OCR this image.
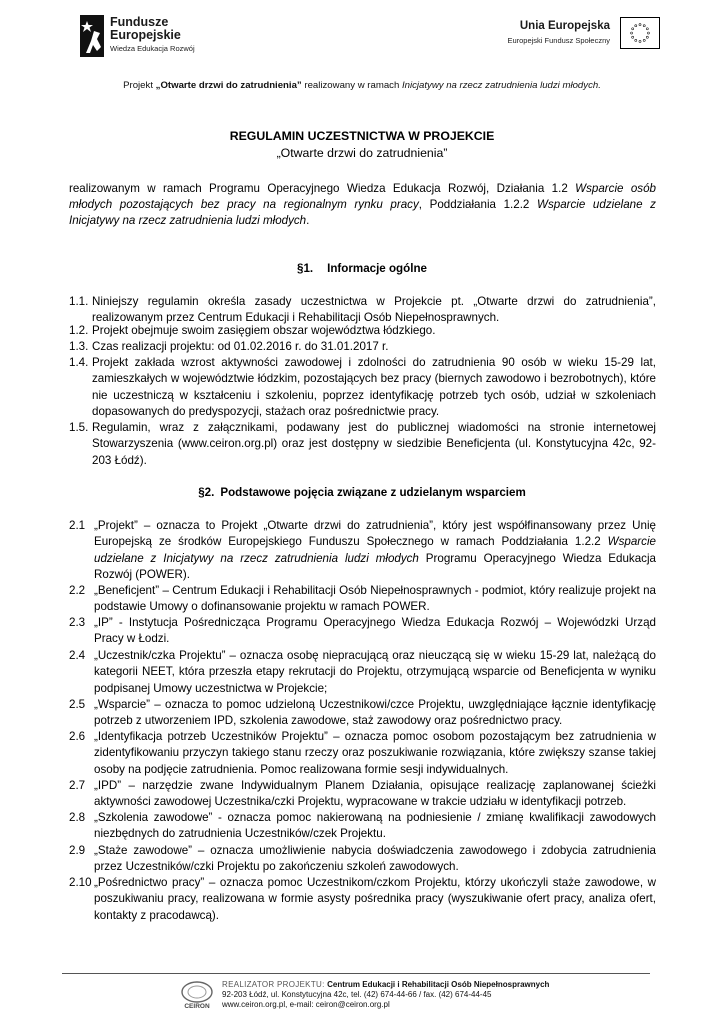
Fundusze
Europejskie
Wiedza Edukacja Rozwój
Unia Europejska
Europejski Fundusz Społeczny
Projekt „Otwarte drzwi do zatrudnienia” realizowany w ramach Inicjatywy na rzecz zatrudnienia ludzi młodych.
REGULAMIN UCZESTNICTWA W PROJEKCIE
„Otwarte drzwi do zatrudnienia”
realizowanym w ramach Programu Operacyjnego Wiedza Edukacja Rozwój, Działania 1.2 Wsparcie osób młodych pozostających bez pracy na regionalnym rynku pracy, Poddziałania 1.2.2 Wsparcie udzielane z Inicjatywy na rzecz zatrudnienia ludzi młodych.
§1. Informacje ogólne
1.1. Niniejszy regulamin określa zasady uczestnictwa w Projekcie pt. „Otwarte drzwi do zatrudnienia”, realizowanym przez Centrum Edukacji i Rehabilitacji Osób Niepełnosprawnych.
1.2. Projekt obejmuje swoim zasięgiem obszar województwa łódzkiego.
1.3. Czas realizacji projektu: od 01.02.2016 r. do 31.01.2017 r.
1.4. Projekt zakłada wzrost aktywności zawodowej i zdolności do zatrudnienia 90 osób w wieku 15-29 lat, zamieszkałych w województwie łódzkim, pozostających bez pracy (biernych zawodowo i bezrobotnych), które nie uczestniczą w kształceniu i szkoleniu, poprzez identyfikację potrzeb tych osób, udział w szkoleniach dopasowanych do predyspozycji, stażach oraz pośrednictwie pracy.
1.5. Regulamin, wraz z załącznikami, podawany jest do publicznej wiadomości na stronie internetowej Stowarzyszenia (www.ceiron.org.pl) oraz jest dostępny w siedzibie Beneficjenta (ul. Konstytucyjna 42c, 92-203 Łódź).
§2. Podstawowe pojęcia związane z udzielanym wsparciem
2.1 „Projekt” – oznacza to Projekt „Otwarte drzwi do zatrudnienia”, który jest współfinansowany przez Unię Europejską ze środków Europejskiego Funduszu Społecznego w ramach Poddziałania 1.2.2 Wsparcie udzielane z Inicjatywy na rzecz zatrudnienia ludzi młodych Programu Operacyjnego Wiedza Edukacja Rozwój (POWER).
2.2 „Beneficjent” – Centrum Edukacji i Rehabilitacji Osób Niepełnosprawnych - podmiot, który realizuje projekt na podstawie Umowy o dofinansowanie projektu w ramach POWER.
2.3 „IP” - Instytucja Pośrednicząca Programu Operacyjnego Wiedza Edukacja Rozwój – Wojewódzki Urząd Pracy w Łodzi.
2.4 „Uczestnik/czka Projektu” – oznacza osobę niepracującą oraz nieuczącą się w wieku 15-29 lat, należącą do kategorii NEET, która przeszła etapy rekrutacji do Projektu, otrzymującą wsparcie od Beneficjenta w wyniku podpisanej Umowy uczestnictwa w Projekcie;
2.5 „Wsparcie” – oznacza to pomoc udzieloną Uczestnikowi/czce Projektu, uwzględniające łącznie identyfikację potrzeb z utworzeniem IPD, szkolenia zawodowe, staż zawodowy oraz pośrednictwo pracy.
2.6 „Identyfikacja potrzeb Uczestników Projektu” – oznacza pomoc osobom pozostającym bez zatrudnienia w zidentyfikowaniu przyczyn takiego stanu rzeczy oraz poszukiwanie rozwiązania, które zwiększy szanse takiej osoby na podjęcie zatrudnienia. Pomoc realizowana formie sesji indywidualnych.
2.7 „IPD” – narzędzie zwane Indywidualnym Planem Działania, opisujące realizację zaplanowanej ścieżki aktywności zawodowej Uczestnika/czki Projektu, wypracowane w trakcie udziału w identyfikacji potrzeb.
2.8 „Szkolenia zawodowe” - oznacza pomoc nakierowaną na podniesienie / zmianę kwalifikacji zawodowych niezbędnych do zatrudnienia Uczestników/czek Projektu.
2.9 „Staże zawodowe” – oznacza umożliwienie nabycia doświadczenia zawodowego i zdobycia zatrudnienia przez Uczestników/czki Projektu po zakończeniu szkoleń zawodowych.
2.10 „Pośrednictwo pracy” – oznacza pomoc Uczestnikom/czkom Projektu, którzy ukończyli staże zawodowe, w poszukiwaniu pracy, realizowana w formie asysty pośrednika pracy (wyszukiwanie ofert pracy, analiza ofert, kontakty z pracodawcą).
CEIRON
REALIZATOR PROJEKTU: Centrum Edukacji i Rehabilitacji Osób Niepełnosprawnych
92-203 Łódź, ul. Konstytucyjna 42c, tel. (42) 674-44-66 / fax. (42) 674-44-45
www.ceiron.org.pl, e-mail: ceiron@ceiron.org.pl
